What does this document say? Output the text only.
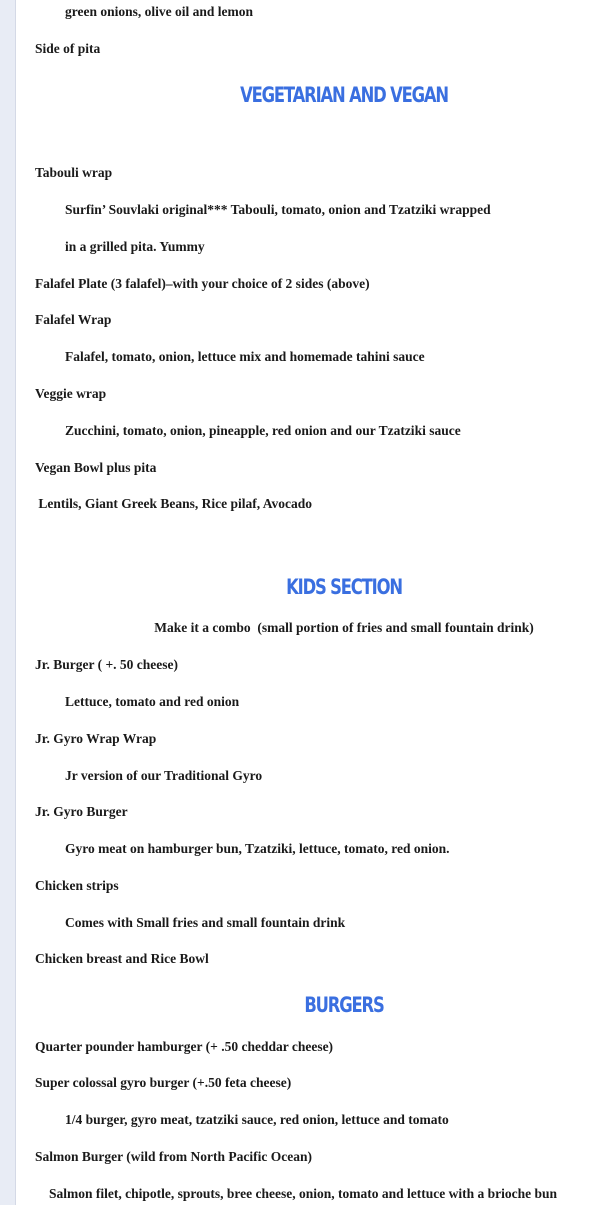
green onions, olive oil and lemon
Side of pita
VEGETARIAN AND VEGAN
Tabouli wrap
Surfin’ Souvlaki original*** Tabouli, tomato, onion and Tzatziki wrapped
in a grilled pita. Yummy
Falafel Plate (3 falafel)–with your choice of 2 sides (above)
Falafel Wrap
Falafel, tomato, onion, lettuce mix and homemade tahini sauce
Veggie wrap
Zucchini, tomato, onion, pineapple, red onion and our Tzatziki sauce
Vegan Bowl plus pita
Lentils, Giant Greek Beans, Rice pilaf, Avocado
KIDS SECTION
Make it a combo  (small portion of fries and small fountain drink)
Jr. Burger ( +. 50 cheese)
Lettuce, tomato and red onion
Jr. Gyro Wrap Wrap
Jr version of our Traditional Gyro
Jr. Gyro Burger
Gyro meat on hamburger bun, Tzatziki, lettuce, tomato, red onion.
Chicken strips
Comes with Small fries and small fountain drink
Chicken breast and Rice Bowl
BURGERS
Quarter pounder hamburger (+ .50 cheddar cheese)
Super colossal gyro burger (+.50 feta cheese)
1/4 burger, gyro meat, tzatziki sauce, red onion, lettuce and tomato
Salmon Burger (wild from North Pacific Ocean)
Salmon filet, chipotle, sprouts, bree cheese, onion, tomato and lettuce with a brioche bun
